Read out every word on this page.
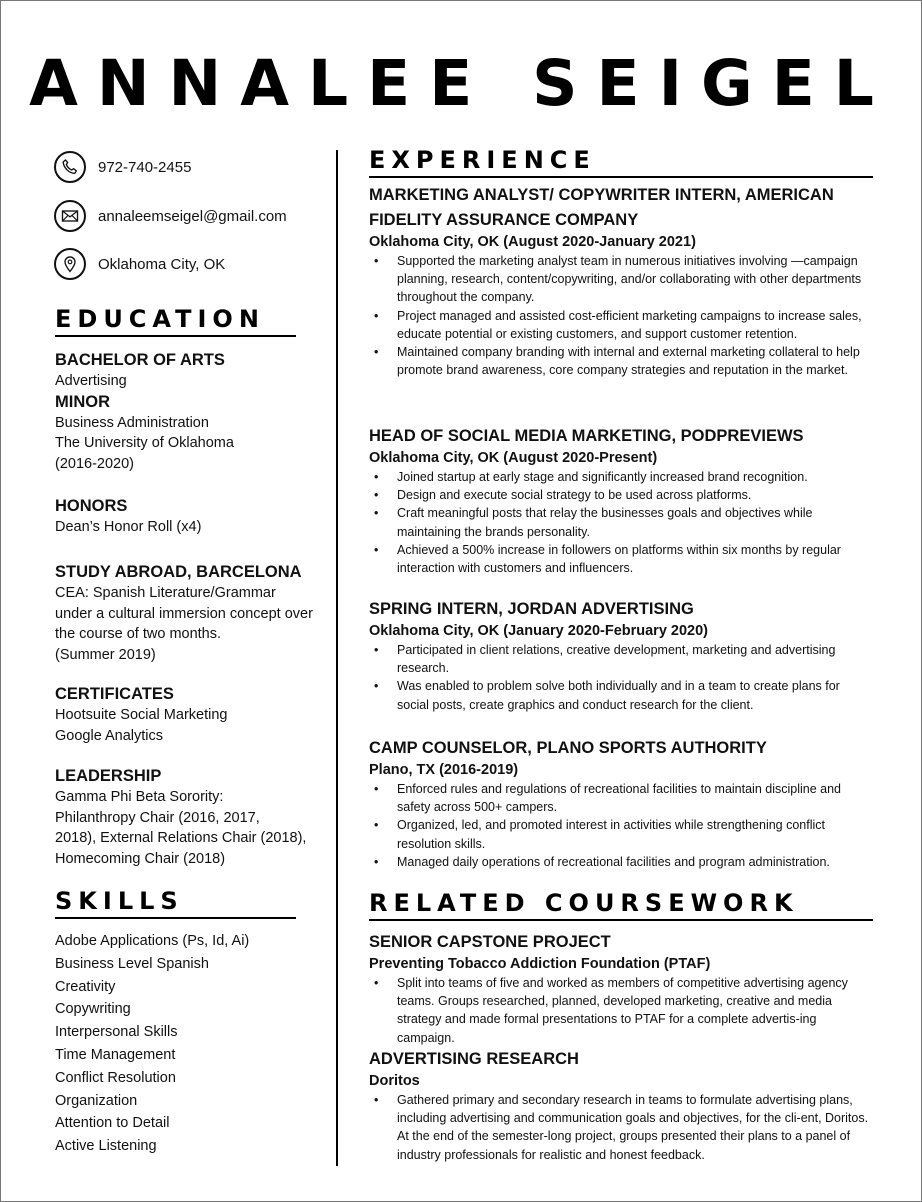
ANNALEE SEIGEL
972-740-2455
annaleemseigel@gmail.com
Oklahoma City, OK
EDUCATION
BACHELOR OF ARTS
Advertising
MINOR
Business Administration
The University of Oklahoma
(2016-2020)
HONORS
Dean’s Honor Roll (x4)
STUDY ABROAD, BARCELONA
CEA: Spanish Literature/Grammar
under a cultural immersion concept over
the course of two months.
(Summer 2019)
CERTIFICATES
Hootsuite Social Marketing
Google Analytics
LEADERSHIP
Gamma Phi Beta Sorority:
Philanthropy Chair (2016, 2017,
2018), External Relations Chair (2018),
Homecoming Chair (2018)
SKILLS
Adobe Applications (Ps, Id, Ai)
Business Level Spanish
Creativity
Copywriting
Interpersonal Skills
Time Management
Conflict Resolution
Organization
Attention to Detail
Active Listening
EXPERIENCE
MARKETING ANALYST/ COPYWRITER INTERN, AMERICAN
FIDELITY ASSURANCE COMPANY
Oklahoma City, OK (August 2020-January 2021)
• Supported the marketing analyst team in numerous initiatives involving —campaign planning, research, content/copywriting, and/or collaborating with other departments throughout the company.
• Project managed and assisted cost-efficient marketing campaigns to increase sales, educate potential or existing customers, and support customer retention.
• Maintained company branding with internal and external marketing collateral to help promote brand awareness, core company strategies and reputation in the market.
HEAD OF SOCIAL MEDIA MARKETING, PODPREVIEWS
Oklahoma City, OK (August 2020-Present)
• Joined startup at early stage and significantly increased brand recognition.
• Design and execute social strategy to be used across platforms.
• Craft meaningful posts that relay the businesses goals and objectives while maintaining the brands personality.
• Achieved a 500% increase in followers on platforms within six months by regular interaction with customers and influencers.
SPRING INTERN, JORDAN ADVERTISING
Oklahoma City, OK (January 2020-February 2020)
• Participated in client relations, creative development, marketing and advertising research.
• Was enabled to problem solve both individually and in a team to create plans for social posts, create graphics and conduct research for the client.
CAMP COUNSELOR, PLANO SPORTS AUTHORITY
Plano, TX (2016-2019)
• Enforced rules and regulations of recreational facilities to maintain discipline and safety across 500+ campers.
• Organized, led, and promoted interest in activities while strengthening conflict resolution skills.
• Managed daily operations of recreational facilities and program administration.
RELATED COURSEWORK
SENIOR CAPSTONE PROJECT
Preventing Tobacco Addiction Foundation (PTAF)
• Split into teams of five and worked as members of competitive advertising agency teams. Groups researched, planned, developed marketing, creative and media strategy and made formal presentations to PTAF for a complete advertis-ing campaign.
ADVERTISING RESEARCH
Doritos
• Gathered primary and secondary research in teams to formulate advertising plans, including advertising and communication goals and objectives, for the cli-ent, Doritos. At the end of the semester-long project, groups presented their plans to a panel of industry professionals for realistic and honest feedback.
